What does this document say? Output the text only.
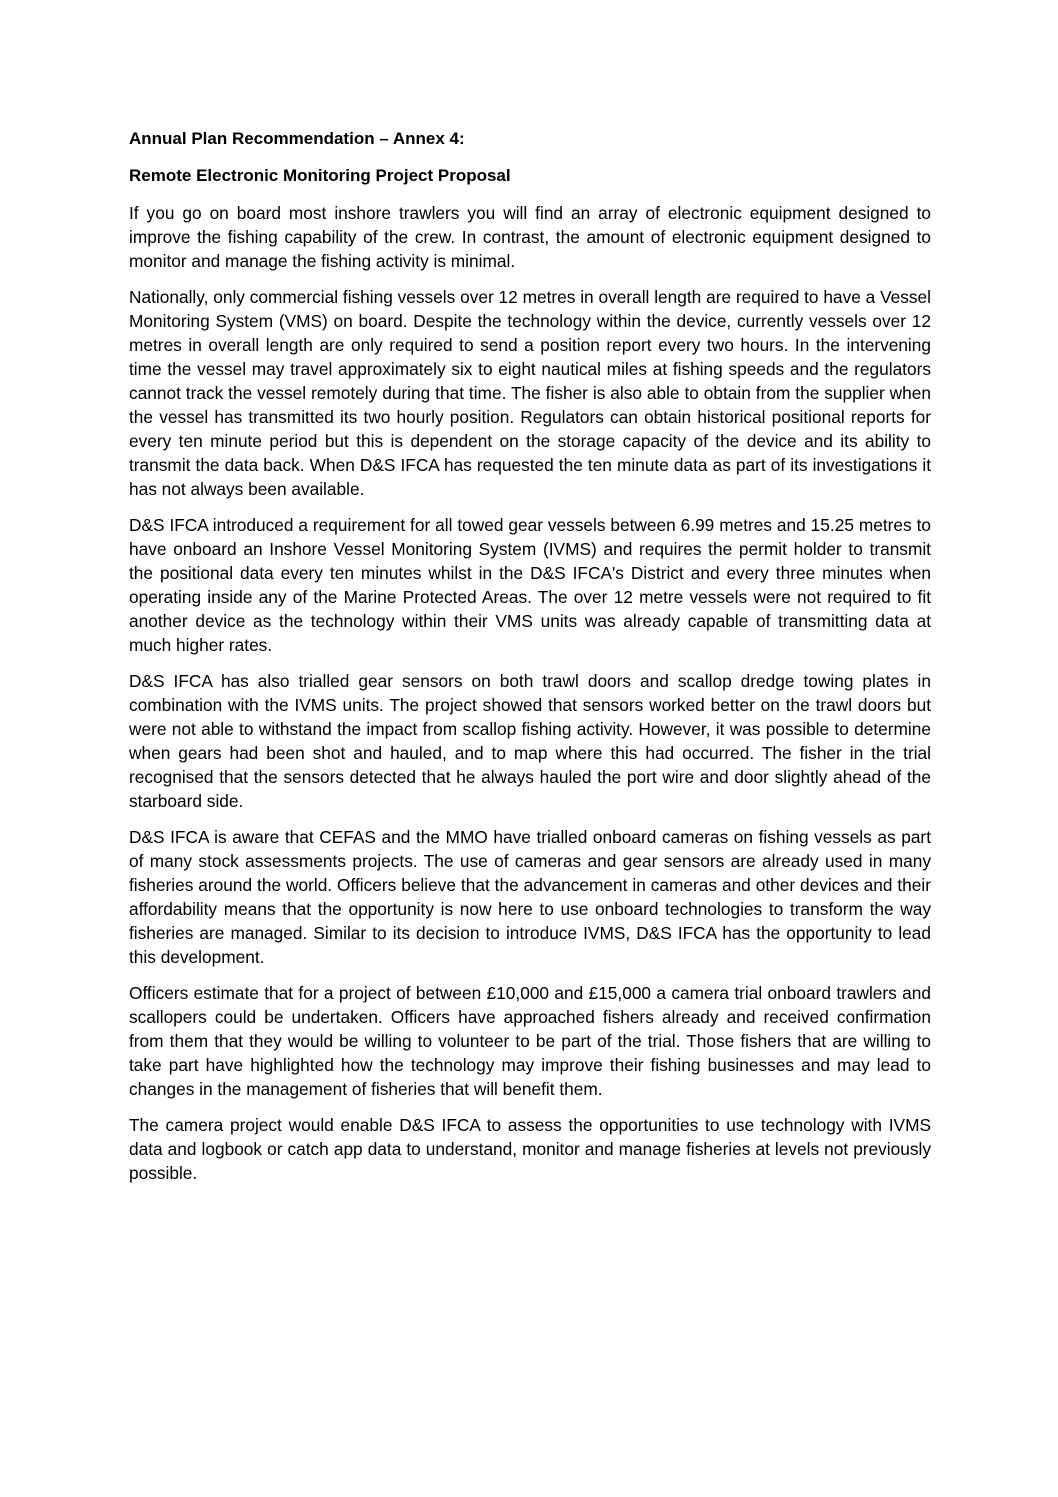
Annual Plan Recommendation – Annex 4:

Remote Electronic Monitoring Project Proposal

If you go on board most inshore trawlers you will find an array of electronic equipment designed to improve the fishing capability of the crew. In contrast, the amount of electronic equipment designed to monitor and manage the fishing activity is minimal.

Nationally, only commercial fishing vessels over 12 metres in overall length are required to have a Vessel Monitoring System (VMS) on board. Despite the technology within the device, currently vessels over 12 metres in overall length are only required to send a position report every two hours. In the intervening time the vessel may travel approximately six to eight nautical miles at fishing speeds and the regulators cannot track the vessel remotely during that time. The fisher is also able to obtain from the supplier when the vessel has transmitted its two hourly position. Regulators can obtain historical positional reports for every ten minute period but this is dependent on the storage capacity of the device and its ability to transmit the data back. When D&S IFCA has requested the ten minute data as part of its investigations it has not always been available.

D&S IFCA introduced a requirement for all towed gear vessels between 6.99 metres and 15.25 metres to have onboard an Inshore Vessel Monitoring System (IVMS) and requires the permit holder to transmit the positional data every ten minutes whilst in the D&S IFCA's District and every three minutes when operating inside any of the Marine Protected Areas. The over 12 metre vessels were not required to fit another device as the technology within their VMS units was already capable of transmitting data at much higher rates.

D&S IFCA has also trialled gear sensors on both trawl doors and scallop dredge towing plates in combination with the IVMS units. The project showed that sensors worked better on the trawl doors but were not able to withstand the impact from scallop fishing activity. However, it was possible to determine when gears had been shot and hauled, and to map where this had occurred. The fisher in the trial recognised that the sensors detected that he always hauled the port wire and door slightly ahead of the starboard side.

D&S IFCA is aware that CEFAS and the MMO have trialled onboard cameras on fishing vessels as part of many stock assessments projects. The use of cameras and gear sensors are already used in many fisheries around the world. Officers believe that the advancement in cameras and other devices and their affordability means that the opportunity is now here to use onboard technologies to transform the way fisheries are managed. Similar to its decision to introduce IVMS, D&S IFCA has the opportunity to lead this development.

Officers estimate that for a project of between £10,000 and £15,000 a camera trial onboard trawlers and scallopers could be undertaken. Officers have approached fishers already and received confirmation from them that they would be willing to volunteer to be part of the trial. Those fishers that are willing to take part have highlighted how the technology may improve their fishing businesses and may lead to changes in the management of fisheries that will benefit them.

The camera project would enable D&S IFCA to assess the opportunities to use technology with IVMS data and logbook or catch app data to understand, monitor and manage fisheries at levels not previously possible.
